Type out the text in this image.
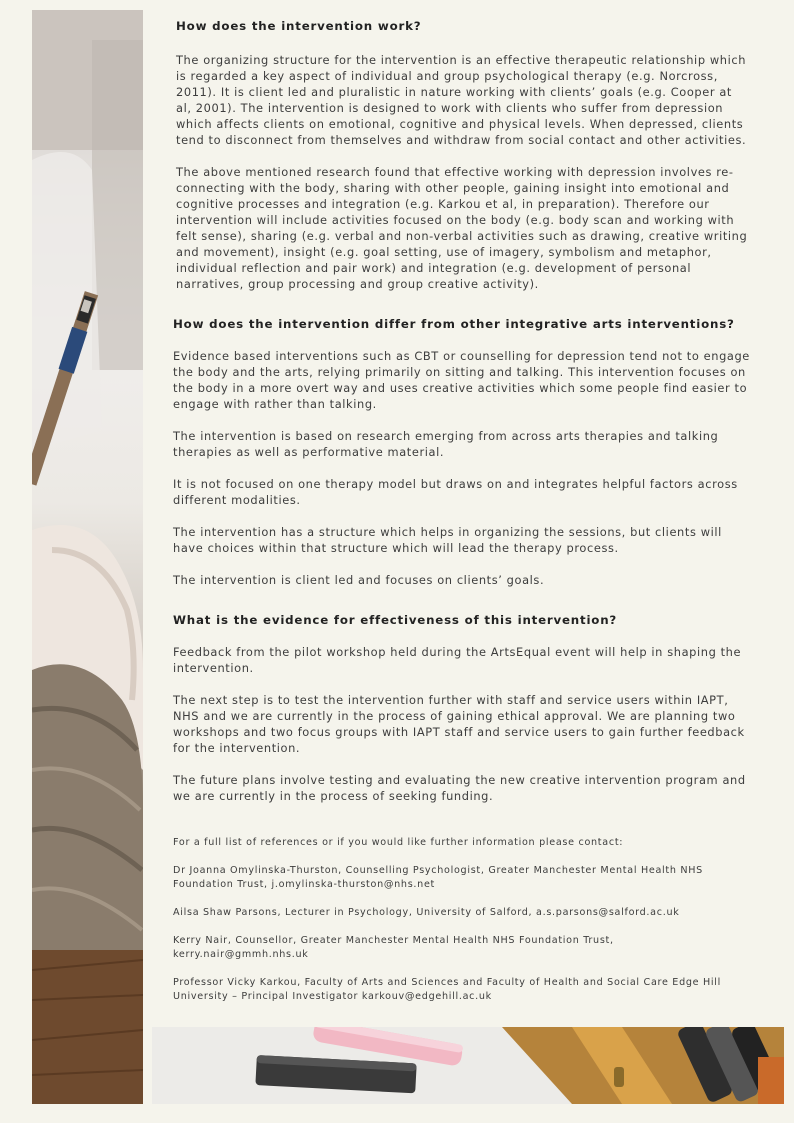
How does the intervention work?

The organizing structure for the intervention is an effective therapeutic relationship which is regarded a key aspect of individual and group psychological therapy (e.g. Norcross, 2011). It is client led and pluralistic in nature working with clients’ goals (e.g. Cooper at al, 2001). The intervention is designed to work with clients who suffer from depression which affects clients on emotional, cognitive and physical levels. When depressed, clients tend to disconnect from themselves and withdraw from social contact and other activities.

The above mentioned research found that effective working with depression involves re-connecting with the body, sharing with other people, gaining insight into emotional and cognitive processes and integration (e.g. Karkou et al, in preparation). Therefore our intervention will include activities focused on the body (e.g. body scan and working with felt sense), sharing (e.g. verbal and non-verbal activities such as drawing, creative writing and movement), insight (e.g. goal setting, use of imagery, symbolism and metaphor, individual reflection and pair work) and integration (e.g. development of personal narratives, group processing and group creative activity).

How does the intervention differ from other integrative arts interventions?

Evidence based interventions such as CBT or counselling for depression tend not to engage the body and the arts, relying primarily on sitting and talking. This intervention focuses on the body in a more overt way and uses creative activities which some people find easier to engage with rather than talking.

The intervention is based on research emerging from across arts therapies and talking therapies as well as performative material.

It is not focused on one therapy model but draws on and integrates helpful factors across different modalities.

The intervention has a structure which helps in organizing the sessions, but clients will have choices within that structure which will lead the therapy process.

The intervention is client led and focuses on clients’ goals.

What is the evidence for effectiveness of this intervention?

Feedback from the pilot workshop held during the ArtsEqual event will help in shaping the intervention.

The next step is to test the intervention further with staff and service users within IAPT, NHS and we are currently in the process of gaining ethical approval. We are planning two workshops and two focus groups with IAPT staff and service users to gain further feedback for the intervention.

The future plans involve testing and evaluating the new creative intervention program and we are currently in the process of seeking funding.

For a full list of references or if you would like further information please contact:

Dr Joanna Omylinska-Thurston, Counselling Psychologist, Greater Manchester Mental Health NHS Foundation Trust, j.omylinska-thurston@nhs.net

Ailsa Shaw Parsons, Lecturer in Psychology, University of Salford, a.s.parsons@salford.ac.uk

Kerry Nair, Counsellor, Greater Manchester Mental Health NHS Foundation Trust, kerry.nair@gmmh.nhs.uk

Professor Vicky Karkou, Faculty of Arts and Sciences and Faculty of Health and Social Care Edge Hill University – Principal Investigator karkouv@edgehill.ac.uk
